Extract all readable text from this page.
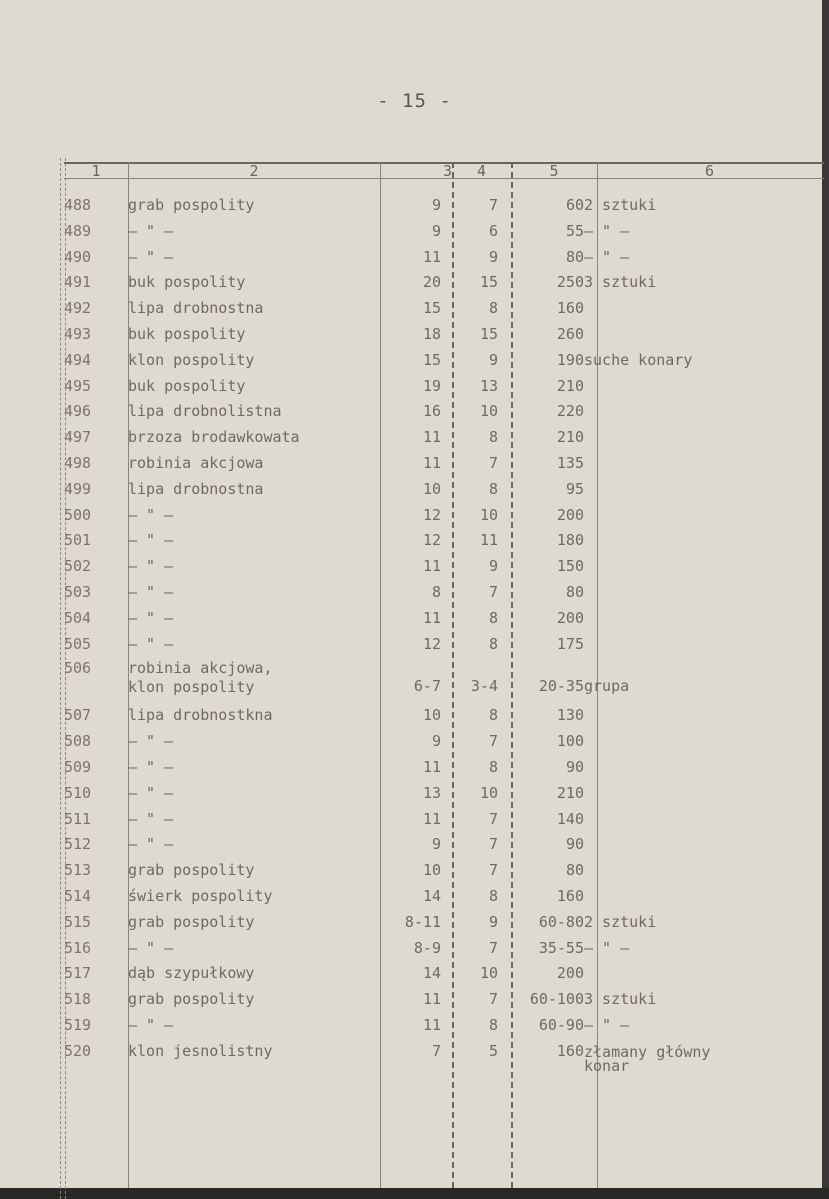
- 15 -
1	2	3	4	5	6
488	grab pospolity	9	7	60	2 sztuki

489	– " –	9	6	55	– " –

490	– " –	11	9	80	– " –

491	buk pospolity	20	15	250	3 sztuki

492	lipa drobnostna	15	8	160	

493	buk pospolity	18	15	260	

494	klon pospolity	15	9	190	suche konary

495	buk pospolity	19	13	210	

496	lipa drobnolistna	16	10	220	

497	brzoza brodawkowata	11	8	210	

498	robinia akcjowa	11	7	135	

499	lipa drobnostna	10	8	95	

500	– " –	12	10	200	

501	– " –	12	11	180	

502	– " –	11	9	150	

503	– " –	8	7	80	

504	– " –	11	8	200	

505	– " –	12	8	175	

506	robinia akcjowa,
klon pospolity	6-7	3-4	20-35	grupa

507	lipa drobnostkna	10	8	130	

508	– " –	9	7	100	

509	– " –	11	8	90	

510	– " –	13	10	210	

511	– " –	11	7	140	

512	– " –	9	7	90	

513	grab pospolity	10	7	80	

514	świerk pospolity	14	8	160	

515	grab pospolity	8-11	9	60-80	2 sztuki

516	– " –	8-9	7	35-55	– " –

517	dąb szypułkowy	14	10	200	

518	grab pospolity	11	7	60-100	3 sztuki

519	– " –	11	8	60-90	– " –

520	klon jesnolistny	7	5	160	złamany główny
konar
